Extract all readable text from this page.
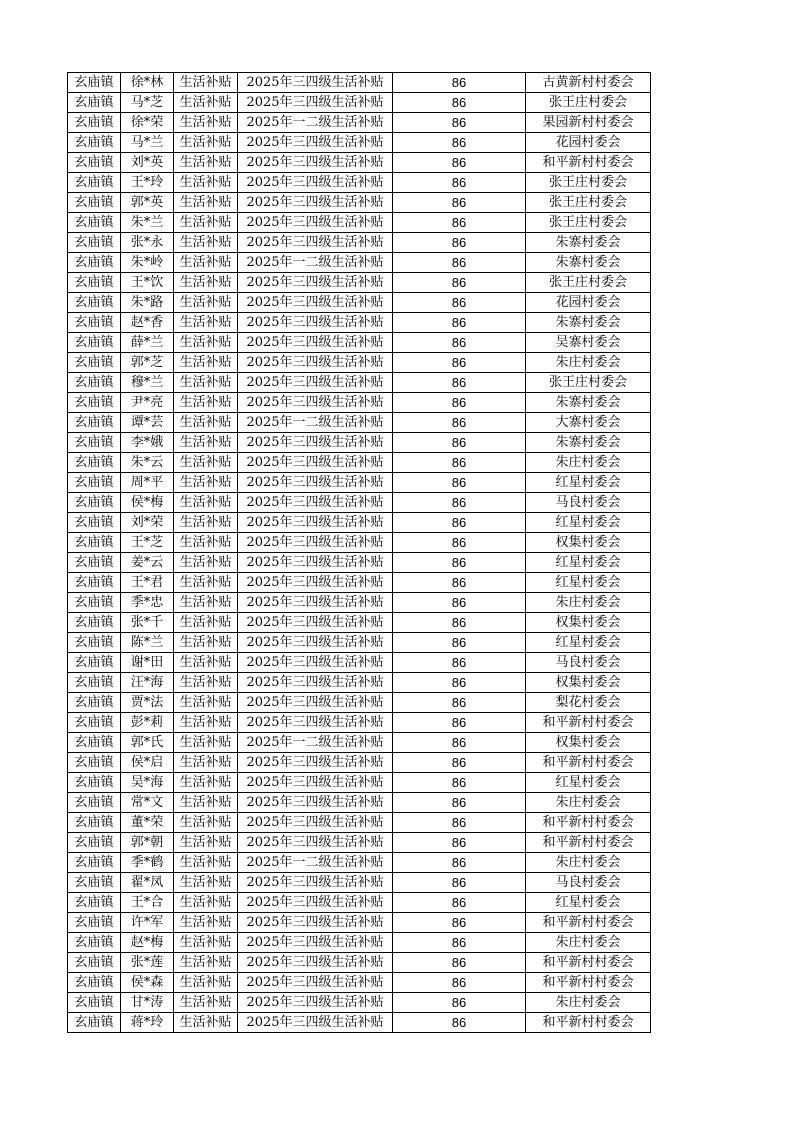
玄庙镇	徐*林	生活补贴	2025年三四级生活补贴	86	古黄新村村委会
玄庙镇	马*芝	生活补贴	2025年三四级生活补贴	86	张王庄村委会
玄庙镇	徐*荣	生活补贴	2025年一二级生活补贴	86	果园新村村委会
玄庙镇	马*兰	生活补贴	2025年三四级生活补贴	86	花园村委会
玄庙镇	刘*英	生活补贴	2025年三四级生活补贴	86	和平新村村委会
玄庙镇	王*玲	生活补贴	2025年三四级生活补贴	86	张王庄村委会
玄庙镇	郭*英	生活补贴	2025年三四级生活补贴	86	张王庄村委会
玄庙镇	朱*兰	生活补贴	2025年三四级生活补贴	86	张王庄村委会
玄庙镇	张*永	生活补贴	2025年三四级生活补贴	86	朱寨村委会
玄庙镇	朱*岭	生活补贴	2025年一二级生活补贴	86	朱寨村委会
玄庙镇	王*饮	生活补贴	2025年三四级生活补贴	86	张王庄村委会
玄庙镇	朱*路	生活补贴	2025年三四级生活补贴	86	花园村委会
玄庙镇	赵*香	生活补贴	2025年三四级生活补贴	86	朱寨村委会
玄庙镇	薛*兰	生活补贴	2025年三四级生活补贴	86	吴寨村委会
玄庙镇	郭*芝	生活补贴	2025年三四级生活补贴	86	朱庄村委会
玄庙镇	穆*兰	生活补贴	2025年三四级生活补贴	86	张王庄村委会
玄庙镇	尹*亮	生活补贴	2025年三四级生活补贴	86	朱寨村委会
玄庙镇	谭*芸	生活补贴	2025年一二级生活补贴	86	大寨村委会
玄庙镇	李*娥	生活补贴	2025年三四级生活补贴	86	朱寨村委会
玄庙镇	朱*云	生活补贴	2025年三四级生活补贴	86	朱庄村委会
玄庙镇	周*平	生活补贴	2025年三四级生活补贴	86	红星村委会
玄庙镇	侯*梅	生活补贴	2025年三四级生活补贴	86	马良村委会
玄庙镇	刘*荣	生活补贴	2025年三四级生活补贴	86	红星村委会
玄庙镇	王*芝	生活补贴	2025年三四级生活补贴	86	权集村委会
玄庙镇	姜*云	生活补贴	2025年三四级生活补贴	86	红星村委会
玄庙镇	王*君	生活补贴	2025年三四级生活补贴	86	红星村委会
玄庙镇	季*忠	生活补贴	2025年三四级生活补贴	86	朱庄村委会
玄庙镇	张*千	生活补贴	2025年三四级生活补贴	86	权集村委会
玄庙镇	陈*兰	生活补贴	2025年三四级生活补贴	86	红星村委会
玄庙镇	谢*田	生活补贴	2025年三四级生活补贴	86	马良村委会
玄庙镇	汪*海	生活补贴	2025年三四级生活补贴	86	权集村委会
玄庙镇	贾*法	生活补贴	2025年三四级生活补贴	86	梨花村委会
玄庙镇	彭*莉	生活补贴	2025年三四级生活补贴	86	和平新村村委会
玄庙镇	郭*氏	生活补贴	2025年一二级生活补贴	86	权集村委会
玄庙镇	侯*启	生活补贴	2025年三四级生活补贴	86	和平新村村委会
玄庙镇	吴*海	生活补贴	2025年三四级生活补贴	86	红星村委会
玄庙镇	常*文	生活补贴	2025年三四级生活补贴	86	朱庄村委会
玄庙镇	董*荣	生活补贴	2025年三四级生活补贴	86	和平新村村委会
玄庙镇	郭*朝	生活补贴	2025年三四级生活补贴	86	和平新村村委会
玄庙镇	季*鹤	生活补贴	2025年一二级生活补贴	86	朱庄村委会
玄庙镇	翟*凤	生活补贴	2025年三四级生活补贴	86	马良村委会
玄庙镇	王*合	生活补贴	2025年三四级生活补贴	86	红星村委会
玄庙镇	许*军	生活补贴	2025年三四级生活补贴	86	和平新村村委会
玄庙镇	赵*梅	生活补贴	2025年三四级生活补贴	86	朱庄村委会
玄庙镇	张*莲	生活补贴	2025年三四级生活补贴	86	和平新村村委会
玄庙镇	侯*森	生活补贴	2025年三四级生活补贴	86	和平新村村委会
玄庙镇	甘*涛	生活补贴	2025年三四级生活补贴	86	朱庄村委会
玄庙镇	蒋*玲	生活补贴	2025年三四级生活补贴	86	和平新村村委会
